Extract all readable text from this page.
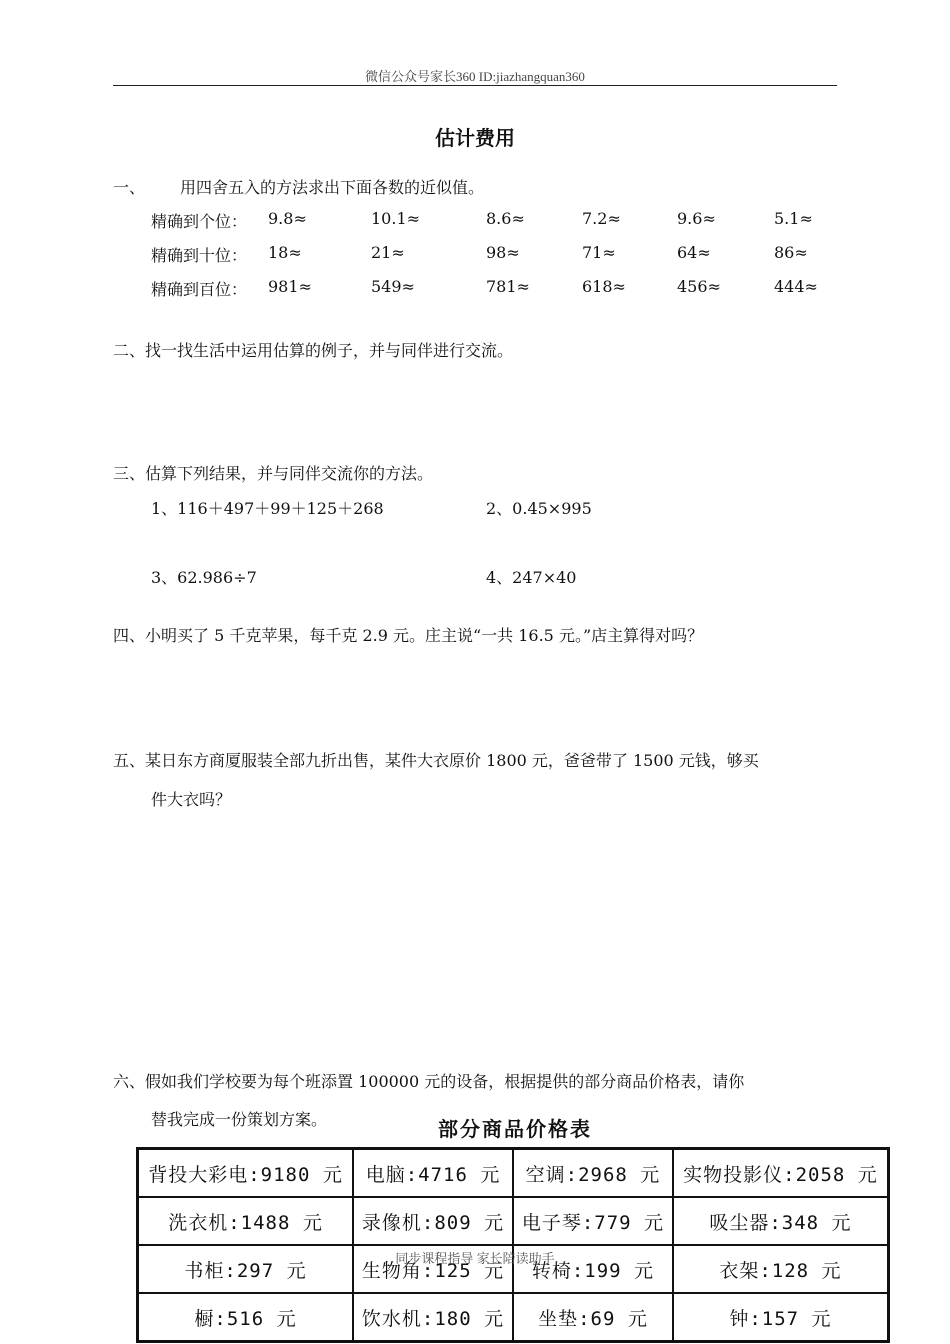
微信公众号家长360 ID:jiazhangquan360
估计费用
一、 用四舍五入的方法求出下面各数的近似值。
精确到个位： 9.8≈	10.1≈	8.6≈	7.2≈	9.6≈	5.1≈
精确到十位： 18≈	21≈	98≈	71≈	64≈	86≈
精确到百位： 981≈	549≈	781≈	618≈	456≈	444≈
二、找一找生活中运用估算的例子，并与同伴进行交流。
三、估算下列结果，并与同伴交流你的方法。
1、116＋497＋99＋125＋268	2、0.45×995
3、62.986÷7	4、247×40
四、小明买了 5 千克苹果，每千克 2.9 元。庄主说“一共 16.5 元。”店主算得对吗？
五、某日东方商厦服装全部九折出售，某件大衣原价 1800 元，爸爸带了 1500 元钱，够买
件大衣吗？
六、假如我们学校要为每个班添置 100000 元的设备，根据提供的部分商品价格表，请你
替我完成一份策划方案。	部分商品价格表
背投大彩电:9180 元	电脑:4716 元	空调:2968 元	实物投影仪:2058 元
洗衣机:1488 元	录像机:809 元	电子琴:779 元	吸尘器:348 元
书柜:297 元	生物角:125 元	转椅:199 元	衣架:128 元
橱:516 元	饮水机:180 元	坐垫:69 元	钟:157 元
同步课程指导 家长陪读助手
